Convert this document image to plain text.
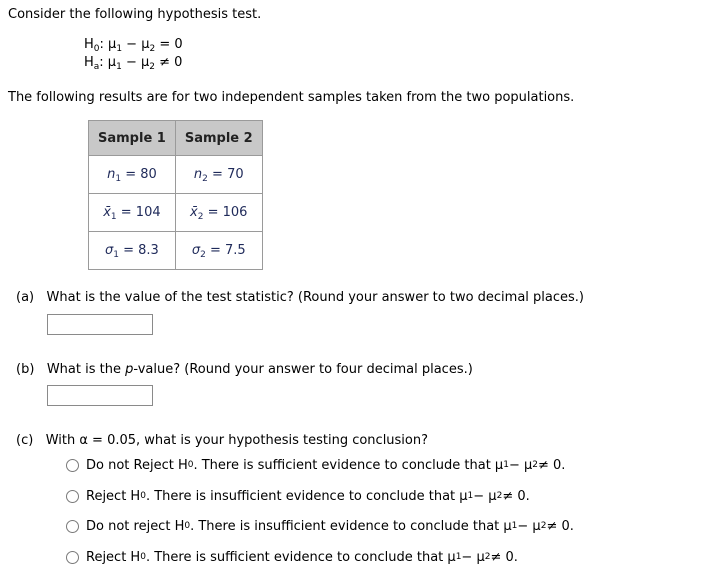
Consider the following hypothesis test.
$H_0$: $\mu_1 - \mu_2 = 0$
$H_a$: $\mu_1 - \mu_2 \ne 0$
The following results are for two independent samples taken from the two populations.
Sample 1	Sample 2
$n_1 = 80$	$n_2 = 70$
$x̄_1 = 104$	$x̄_2 = 106$
$\sigma_1 = 8.3$	$\sigma_2 = 7.5$
(a) What is the value of the test statistic? (Round your answer to two decimal places.)
(b) What is the p-value? (Round your answer to four decimal places.)
(c) With α = 0.05, what is your hypothesis testing conclusion?
Do not Reject H 0 . There is sufficient evidence to conclude that μ 1 − μ 2 ≠ 0.
Reject H 0 . There is insufficient evidence to conclude that μ 1 − μ 2 ≠ 0.
Do not reject H 0 . There is insufficient evidence to conclude that μ 1 − μ 2 ≠ 0.
Reject H 0 . There is sufficient evidence to conclude that μ 1 − μ 2 ≠ 0.
